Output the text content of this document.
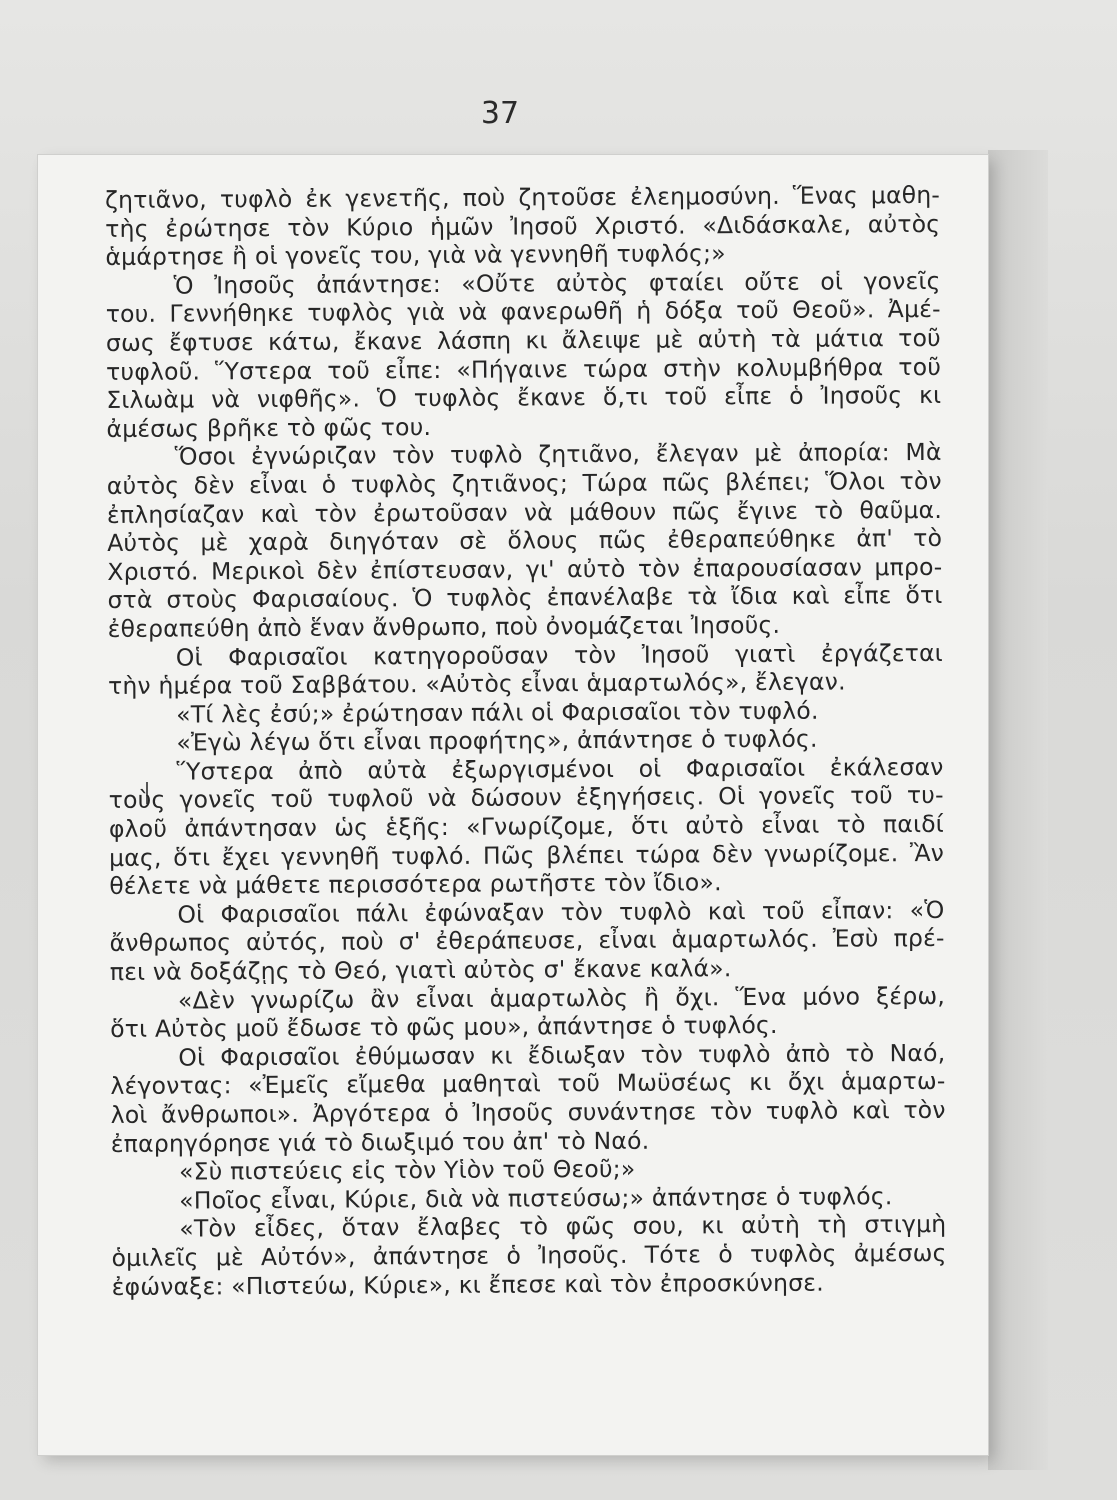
37
ζητιᾶνο, τυφλὸ ἐκ γενετῆς, ποὺ ζητοῦσε ἐλεημοσύνη. Ἕνας μαθη-
τὴς ἐρώτησε τὸν Κύριο ἡμῶν Ἰησοῦ Χριστό. «Διδάσκαλε, αὐτὸς
ἁμάρτησε ἢ οἱ γονεῖς του, γιὰ νὰ γεννηθῆ τυφλός;»
Ὁ Ἰησοῦς ἀπάντησε: «Οὔτε αὐτὸς φταίει οὔτε οἱ γονεῖς
του. Γεννήθηκε τυφλὸς γιὰ νὰ φανερωθῆ ἡ δόξα τοῦ Θεοῦ». Ἀμέ-
σως ἔφτυσε κάτω, ἔκανε λάσπη κι ἄλειψε μὲ αὐτὴ τὰ μάτια τοῦ
τυφλοῦ. Ὕστερα τοῦ εἶπε: «Πήγαινε τώρα στὴν κολυμβήθρα τοῦ
Σιλωὰμ νὰ νιφθῆς». Ὁ τυφλὸς ἔκανε ὅ,τι τοῦ εἶπε ὁ Ἰησοῦς κι
ἀμέσως βρῆκε τὸ φῶς του.
Ὅσοι ἐγνώριζαν τὸν τυφλὸ ζητιᾶνο, ἔλεγαν μὲ ἀπορία: Μὰ
αὐτὸς δὲν εἶναι ὁ τυφλὸς ζητιᾶνος; Τώρα πῶς βλέπει; Ὅλοι τὸν
ἐπλησίαζαν καὶ τὸν ἐρωτοῦσαν νὰ μάθουν πῶς ἔγινε τὸ θαῦμα.
Αὐτὸς μὲ χαρὰ διηγόταν σὲ ὅλους πῶς ἐθεραπεύθηκε ἀπ' τὸ
Χριστό. Μερικοὶ δὲν ἐπίστευσαν, γι' αὐτὸ τὸν ἐπαρουσίασαν μπρο-
στὰ στοὺς Φαρισαίους. Ὁ τυφλὸς ἐπανέλαβε τὰ ἴδια καὶ εἶπε ὅτι
ἐθεραπεύθη ἀπὸ ἕναν ἄνθρωπο, ποὺ ὀνομάζεται Ἰησοῦς.
Οἱ Φαρισαῖοι κατηγοροῦσαν τὸν Ἰησοῦ γιατὶ ἐργάζεται
τὴν ἡμέρα τοῦ Σαββάτου. «Αὐτὸς εἶναι ἁμαρτωλός», ἔλεγαν.
«Τί λὲς ἐσύ;» ἐρώτησαν πάλι οἱ Φαρισαῖοι τὸν τυφλό.
«Ἐγὼ λέγω ὅτι εἶναι προφήτης», ἀπάντησε ὁ τυφλός.
Ὕστερα ἀπὸ αὐτὰ ἐξωργισμένοι οἱ Φαρισαῖοι ἐκάλεσαν
τοὺς γονεῖς τοῦ τυφλοῦ νὰ δώσουν ἐξηγήσεις. Οἱ γονεῖς τοῦ τυ-
φλοῦ ἀπάντησαν ὡς ἑξῆς: «Γνωρίζομε, ὅτι αὐτὸ εἶναι τὸ παιδί
μας, ὅτι ἔχει γεννηθῆ τυφλό. Πῶς βλέπει τώρα δὲν γνωρίζομε. Ἂν
θέλετε νὰ μάθετε περισσότερα ρωτῆστε τὸν ἴδιο».
Οἱ Φαρισαῖοι πάλι ἐφώναξαν τὸν τυφλὸ καὶ τοῦ εἶπαν: «Ὁ
ἄνθρωπος αὐτός, ποὺ σ' ἐθεράπευσε, εἶναι ἁμαρτωλός. Ἐσὺ πρέ-
πει νὰ δοξάζῃς τὸ Θεό, γιατὶ αὐτὸς σ' ἔκανε καλά».
«Δὲν γνωρίζω ἂν εἶναι ἁμαρτωλὸς ἢ ὄχι. Ἕνα μόνο ξέρω,
ὅτι Αὐτὸς μοῦ ἔδωσε τὸ φῶς μου», ἀπάντησε ὁ τυφλός.
Οἱ Φαρισαῖοι ἐθύμωσαν κι ἔδιωξαν τὸν τυφλὸ ἀπὸ τὸ Ναό,
λέγοντας: «Ἐμεῖς εἴμεθα μαθηταὶ τοῦ Μωϋσέως κι ὄχι ἁμαρτω-
λοὶ ἄνθρωποι». Ἀργότερα ὁ Ἰησοῦς συνάντησε τὸν τυφλὸ καὶ τὸν
ἐπαρηγόρησε γιά τὸ διωξιμό του ἀπ' τὸ Ναό.
«Σὺ πιστεύεις εἰς τὸν Υἱὸν τοῦ Θεοῦ;»
«Ποῖος εἶναι, Κύριε, διὰ νὰ πιστεύσω;» ἀπάντησε ὁ τυφλός.
«Τὸν εἶδες, ὅταν ἔλαβες τὸ φῶς σου, κι αὐτὴ τὴ στιγμὴ
ὁμιλεῖς μὲ Αὐτόν», ἀπάντησε ὁ Ἰησοῦς. Τότε ὁ τυφλὸς ἀμέσως
ἐφώναξε: «Πιστεύω, Κύριε», κι ἔπεσε καὶ τὸν ἐπροσκύνησε.
